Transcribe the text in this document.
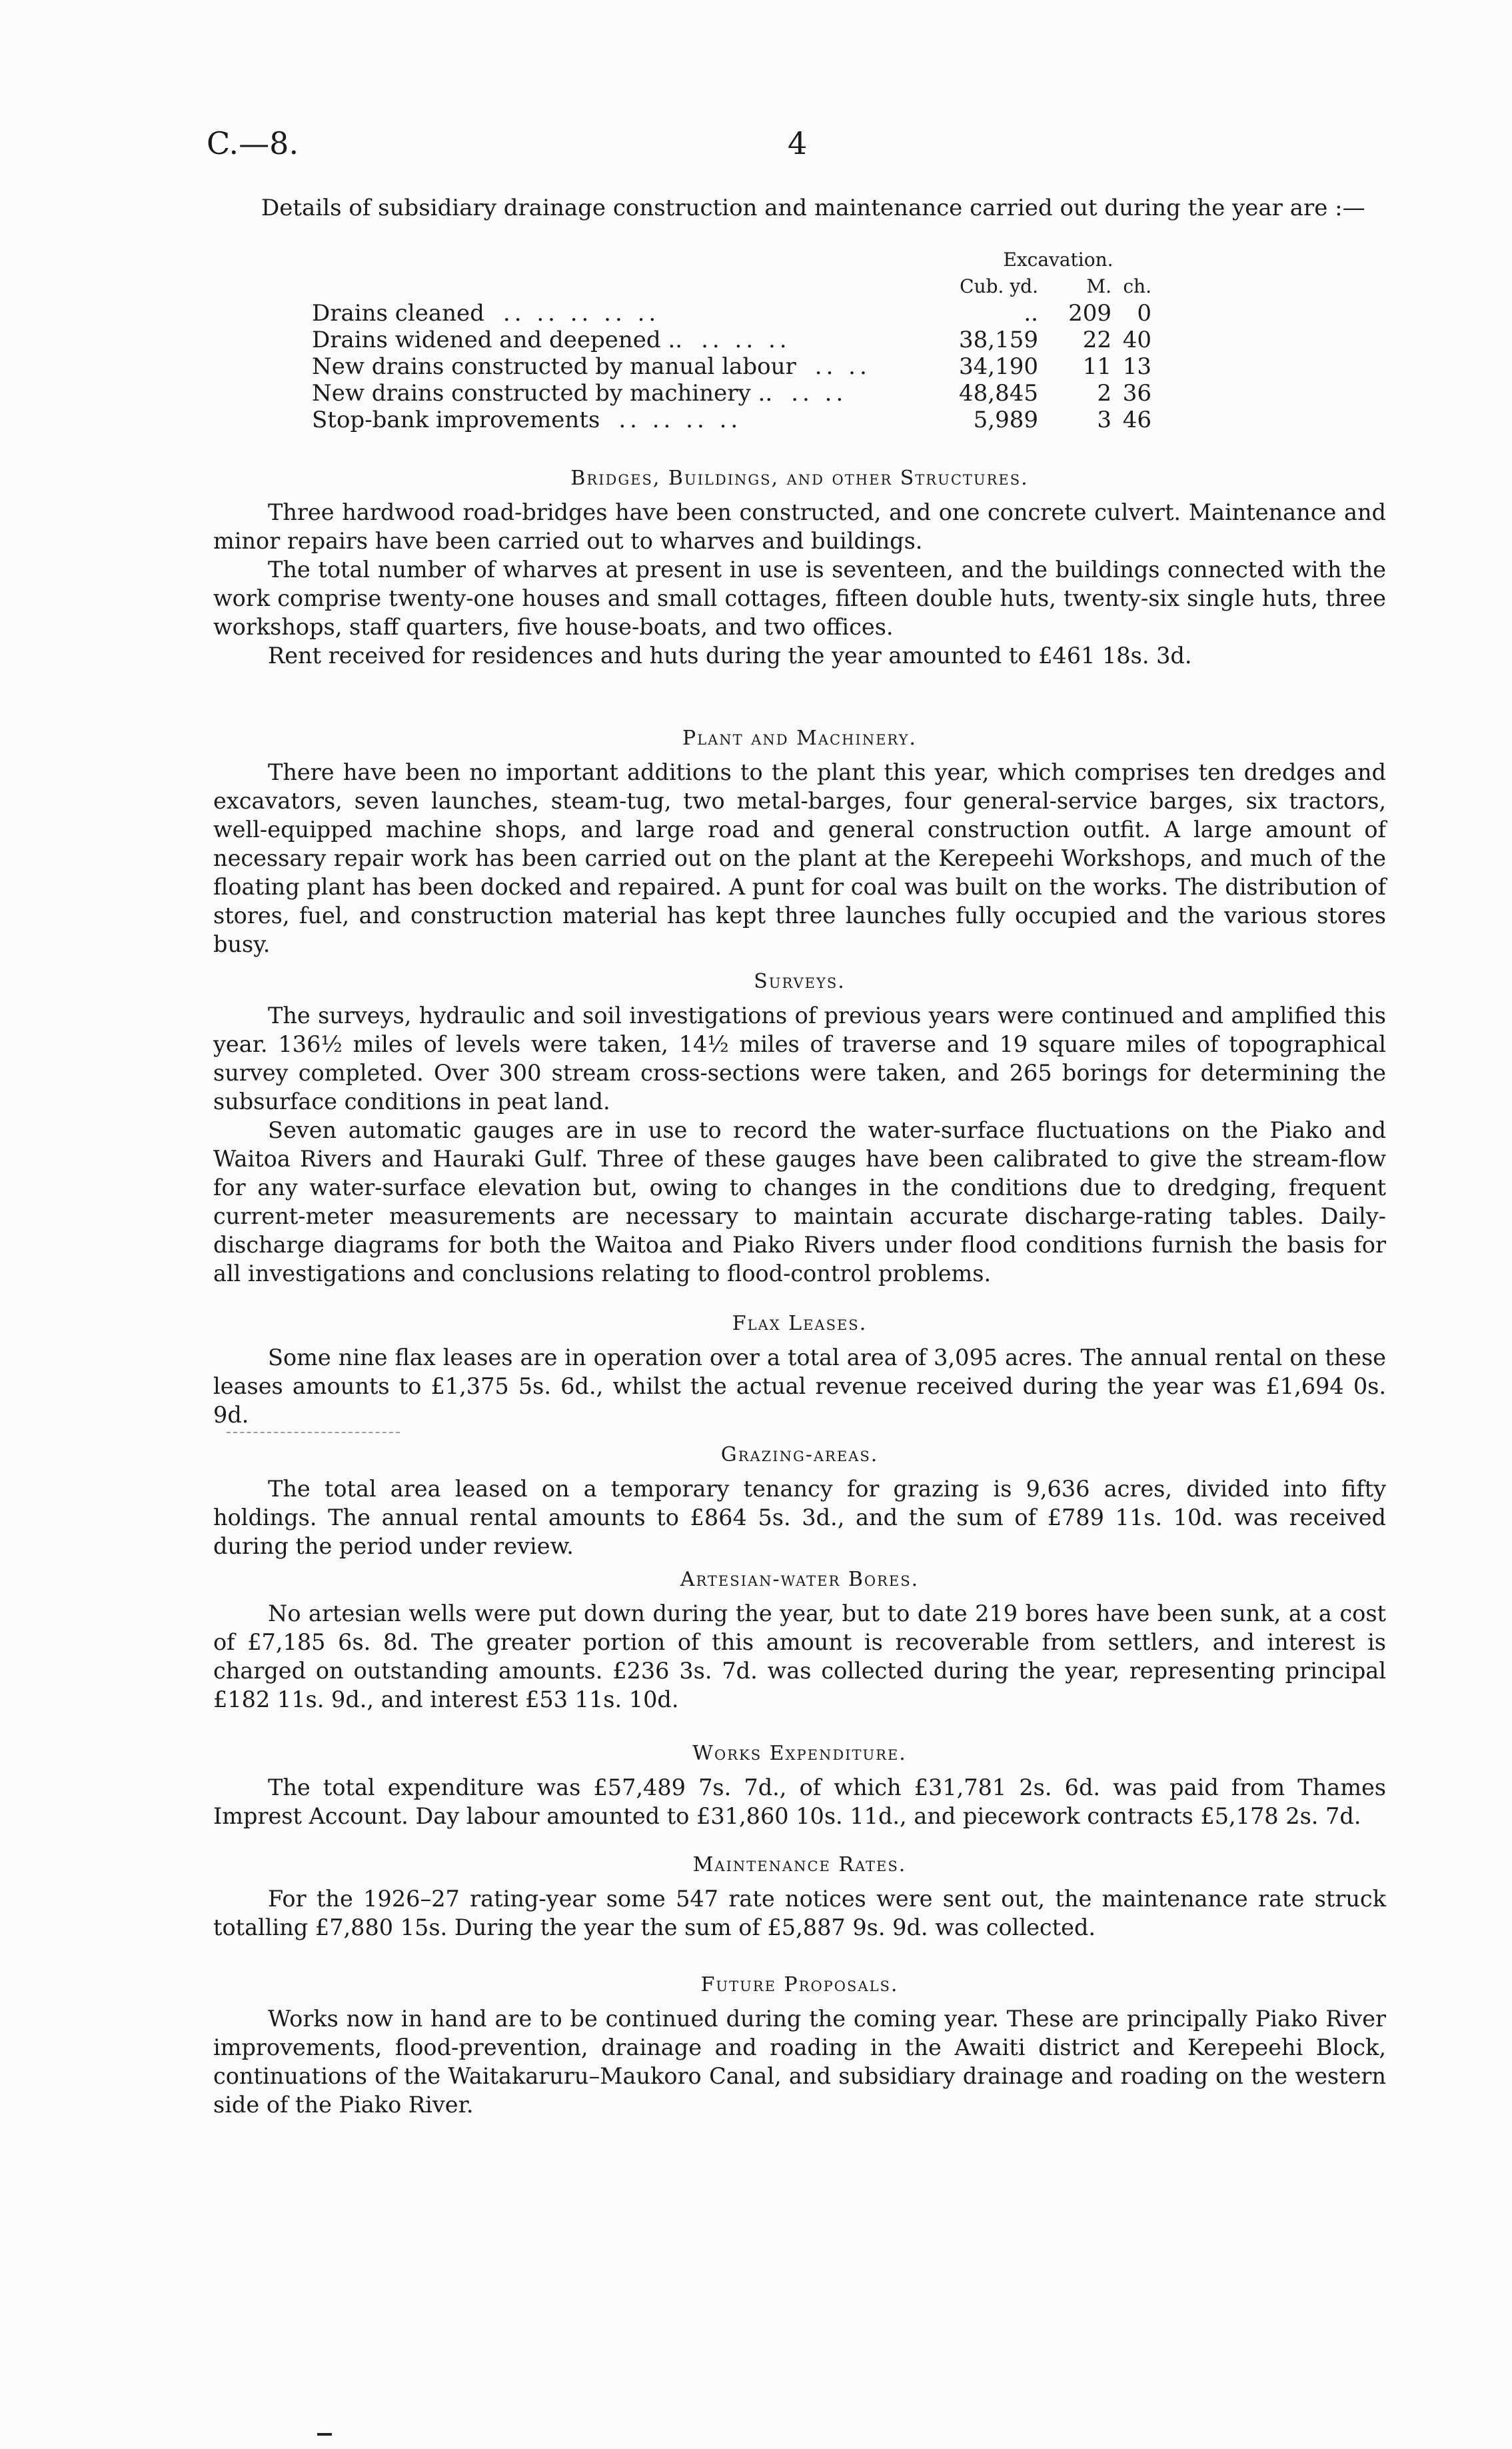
C.—8.	4
Details of subsidiary drainage construction and maintenance carried out during the year are :—
	Excavation.		
	Cub. yd.	M.	ch.
Drains cleaned .. .. .. .. ..	..	209	0
Drains widened and deepened .. .. .. ..	38,159	22	40
New drains constructed by manual labour .. ..	34,190	11	13
New drains constructed by machinery .. .. ..	48,845	2	36
Stop-bank improvements .. .. .. ..	5,989	3	46
Bridges, Buildings, and other Structures.

Three hardwood road-bridges have been constructed, and one concrete culvert. Maintenance and minor repairs have been carried out to wharves and buildings.

The total number of wharves at present in use is seventeen, and the buildings connected with the work comprise twenty-one houses and small cottages, fifteen double huts, twenty-six single huts, three workshops, staff quarters, five house-boats, and two offices.

Rent received for residences and huts during the year amounted to £461 18s. 3d.

Plant and Machinery.

There have been no important additions to the plant this year, which comprises ten dredges and excavators, seven launches, steam-tug, two metal-barges, four general-service barges, six tractors, well-equipped machine shops, and large road and general construction outfit. A large amount of necessary repair work has been carried out on the plant at the Kerepeehi Workshops, and much of the floating plant has been docked and repaired. A punt for coal was built on the works. The distribution of stores, fuel, and construction material has kept three launches fully occupied and the various stores busy.

Surveys.

The surveys, hydraulic and soil investigations of previous years were continued and amplified this year. 136½ miles of levels were taken, 14½ miles of traverse and 19 square miles of topographical survey completed. Over 300 stream cross-sections were taken, and 265 borings for determining the subsurface conditions in peat land.

Seven automatic gauges are in use to record the water-surface fluctuations on the Piako and Waitoa Rivers and Hauraki Gulf. Three of these gauges have been calibrated to give the stream-flow for any water-surface elevation but, owing to changes in the conditions due to dredging, frequent current-meter measurements are necessary to maintain accurate discharge-rating tables. Daily-discharge diagrams for both the Waitoa and Piako Rivers under flood conditions furnish the basis for all investigations and conclusions relating to flood-control problems.

Flax Leases.

Some nine flax leases are in operation over a total area of 3,095 acres. The annual rental on these leases amounts to £1,375 5s. 6d., whilst the actual revenue received during the year was £1,694 0s. 9d.

Grazing-areas.

The total area leased on a temporary tenancy for grazing is 9,636 acres, divided into fifty holdings. The annual rental amounts to £864 5s. 3d., and the sum of £789 11s. 10d. was received during the period under review.

Artesian-water Bores.

No artesian wells were put down during the year, but to date 219 bores have been sunk, at a cost of £7,185 6s. 8d. The greater portion of this amount is recoverable from settlers, and interest is charged on outstanding amounts. £236 3s. 7d. was collected during the year, representing principal £182 11s. 9d., and interest £53 11s. 10d.

Works Expenditure.

The total expenditure was £57,489 7s. 7d., of which £31,781 2s. 6d. was paid from Thames Imprest Account. Day labour amounted to £31,860 10s. 11d., and piecework contracts £5,178 2s. 7d.

Maintenance Rates.

For the 1926–27 rating-year some 547 rate notices were sent out, the maintenance rate struck totalling £7,880 15s. During the year the sum of £5,887 9s. 9d. was collected.

Future Proposals.

Works now in hand are to be continued during the coming year. These are principally Piako River improvements, flood-prevention, drainage and roading in the Awaiti district and Kerepeehi Block, continuations of the Waitakaruru–Maukoro Canal, and subsidiary drainage and roading on the western side of the Piako River.
